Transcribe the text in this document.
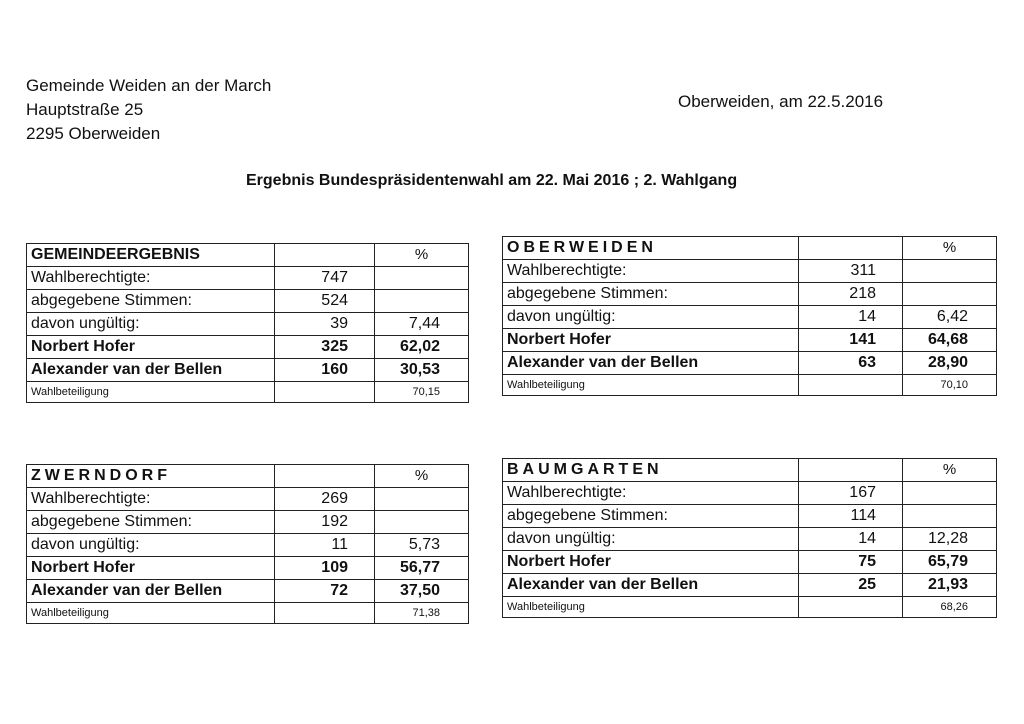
Gemeinde Weiden an der March
Hauptstraße 25
2295 Oberweiden
Oberweiden, am 22.5.2016
Ergebnis Bundespräsidentenwahl am 22. Mai 2016 ; 2. Wahlgang
GEMEINDEERGEBNIS		%
Wahlberechtigte:	747	
abgegebene Stimmen:	524	
davon ungültig:	39	7,44
Norbert Hofer	325	62,02
Alexander van der Bellen	160	30,53
Wahlbeteiligung		70,15
OBERWEIDEN		%
Wahlberechtigte:	311	
abgegebene Stimmen:	218	
davon ungültig:	14	6,42
Norbert Hofer	141	64,68
Alexander van der Bellen	63	28,90
Wahlbeteiligung		70,10
ZWERNDORF		%
Wahlberechtigte:	269	
abgegebene Stimmen:	192	
davon ungültig:	11	5,73
Norbert Hofer	109	56,77
Alexander van der Bellen	72	37,50
Wahlbeteiligung		71,38
BAUMGARTEN		%
Wahlberechtigte:	167	
abgegebene Stimmen:	114	
davon ungültig:	14	12,28
Norbert Hofer	75	65,79
Alexander van der Bellen	25	21,93
Wahlbeteiligung		68,26
